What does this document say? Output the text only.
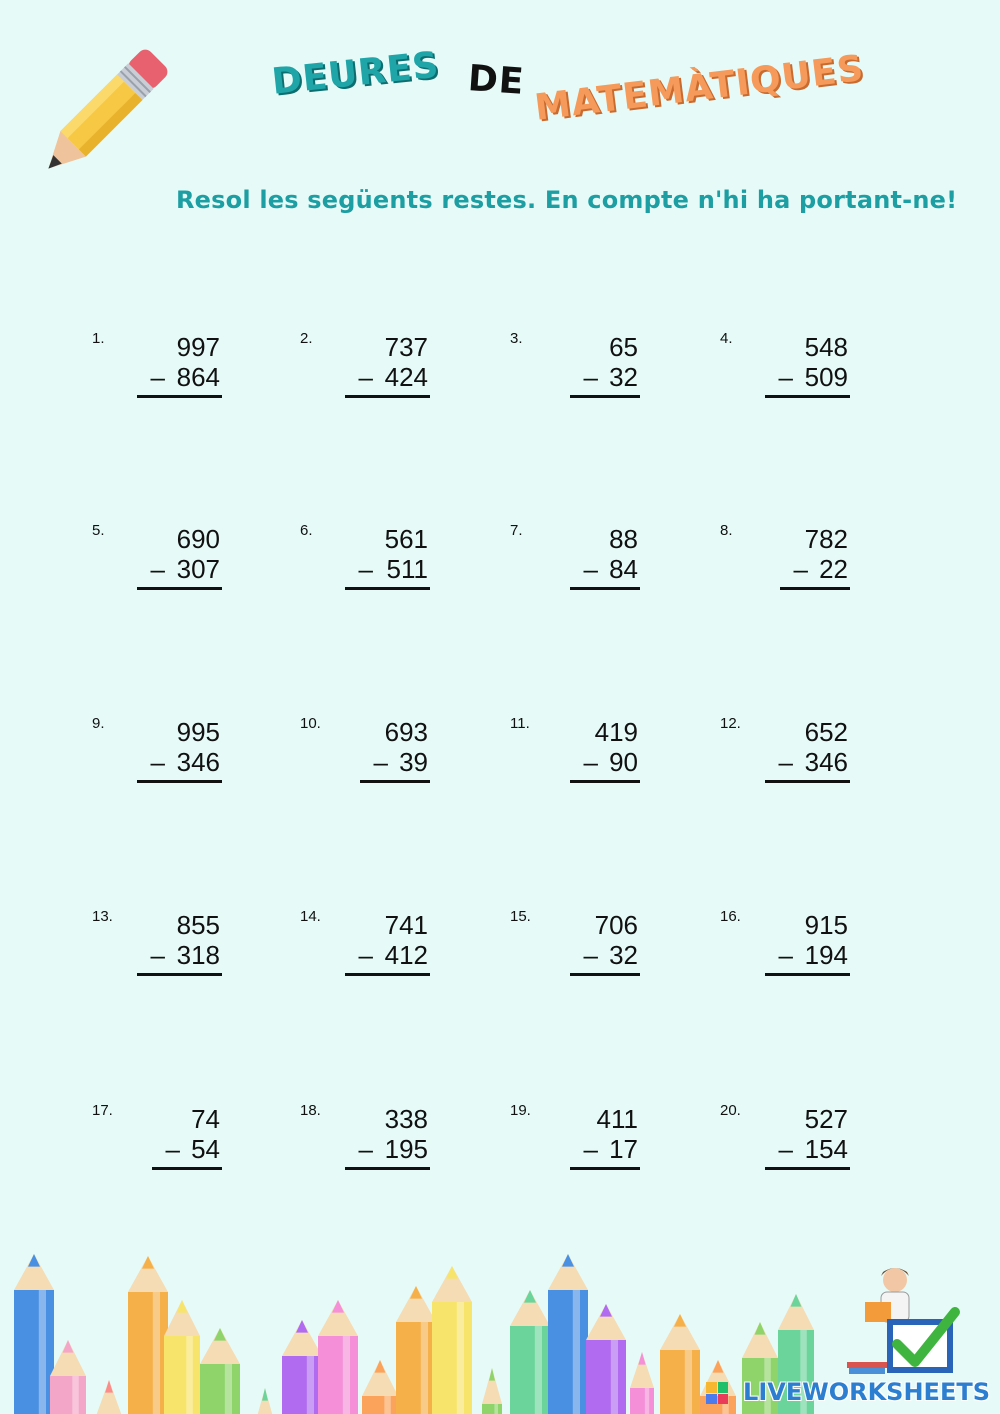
DEURES DE MATEMÀTIQUES
Resol les següents restes. En compte n'hi ha portant-ne!
1.	997
– 864
2.	737
– 424
3.	65
– 32
4.	548
– 509
5.	690
– 307
6.	561
– 511
7.	88
– 84
8.	782
– 22
9.	995
– 346
10. 693
– 39
11. 419
– 90
12. 652
– 346
13. 855
– 318
14. 741
– 412
15. 706
– 32
16. 915
– 194
17.	74
– 54
18. 338
– 195
19.	411
– 17
20. 527
– 154
LIVEWORKSHEETS
